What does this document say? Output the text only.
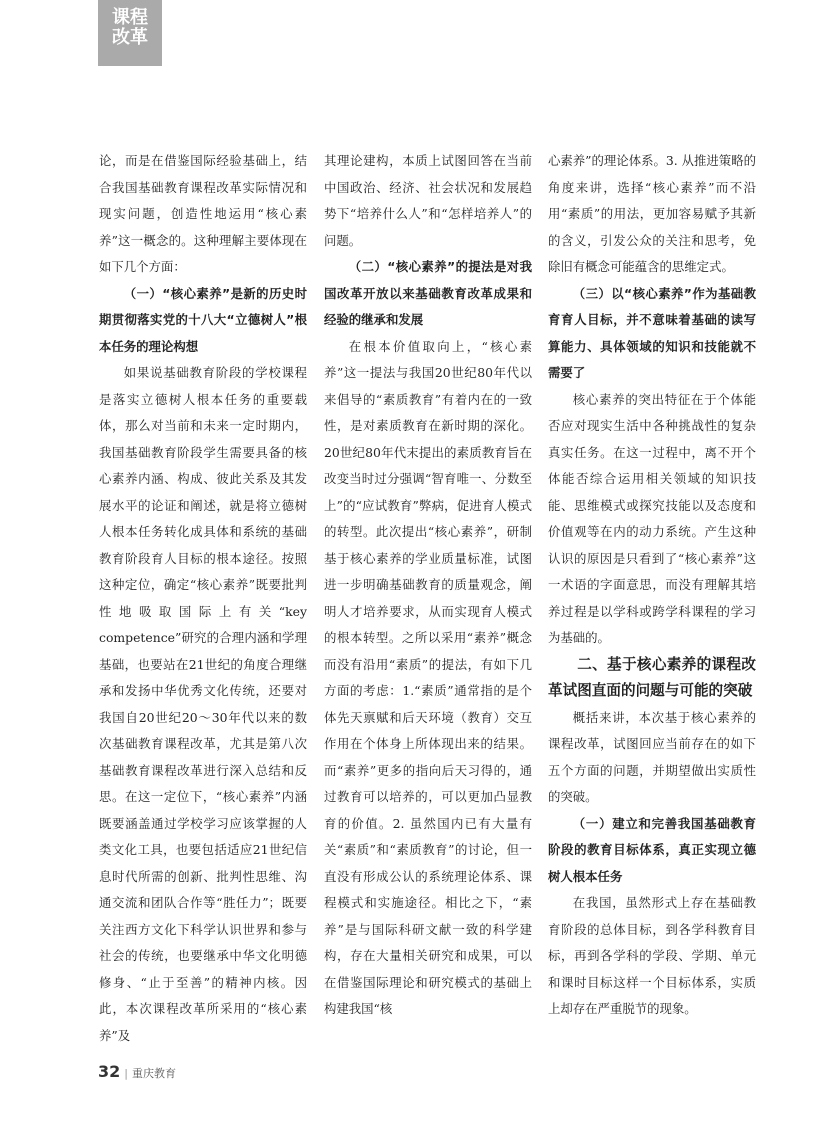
课程
改革

论，而是在借鉴国际经验基础上，结合我国基础教育课程改革实际情况和现实问题，创造性地运用“核心素养”这一概念的。这种理解主要体现在如下几个方面：

（一）“核心素养”是新的历史时期贯彻落实党的十八大“立德树人”根本任务的理论构想

如果说基础教育阶段的学校课程是落实立德树人根本任务的重要载体，那么对当前和未来一定时期内，我国基础教育阶段学生需要具备的核心素养内涵、构成、彼此关系及其发展水平的论证和阐述，就是将立德树人根本任务转化成具体和系统的基础教育阶段育人目标的根本途径。按照这种定位，确定“核心素养”既要批判性地吸取国际上有关“key competence”研究的合理内涵和学理基础，也要站在21世纪的角度合理继承和发扬中华优秀文化传统，还要对我国自20世纪20～30年代以来的数次基础教育课程改革，尤其是第八次基础教育课程改革进行深入总结和反思。在这一定位下，“核心素养”内涵既要涵盖通过学校学习应该掌握的人类文化工具，也要包括适应21世纪信息时代所需的创新、批判性思维、沟通交流和团队合作等“胜任力”；既要关注西方文化下科学认识世界和参与社会的传统，也要继承中华文化明德修身、“止于至善”的精神内核。因此，本次课程改革所采用的“核心素养”及

其理论建构，本质上试图回答在当前中国政治、经济、社会状况和发展趋势下“培养什么人”和“怎样培养人”的问题。

（二）“核心素养”的提法是对我国改革开放以来基础教育改革成果和经验的继承和发展

在根本价值取向上，“核心素养”这一提法与我国20世纪80年代以来倡导的“素质教育”有着内在的一致性，是对素质教育在新时期的深化。20世纪80年代末提出的素质教育旨在改变当时过分强调“智育唯一、分数至上”的“应试教育”弊病，促进育人模式的转型。此次提出“核心素养”，研制基于核心素养的学业质量标准，试图进一步明确基础教育的质量观念，阐明人才培养要求，从而实现育人模式的根本转型。之所以采用“素养”概念而没有沿用“素质”的提法，有如下几方面的考虑：1.“素质”通常指的是个体先天禀赋和后天环境（教育）交互作用在个体身上所体现出来的结果。而“素养”更多的指向后天习得的，通过教育可以培养的，可以更加凸显教育的价值。2. 虽然国内已有大量有关“素质”和“素质教育”的讨论，但一直没有形成公认的系统理论体系、课程模式和实施途径。相比之下，“素养”是与国际科研文献一致的科学建构，存在大量相关研究和成果，可以在借鉴国际理论和研究模式的基础上构建我国“核

心素养”的理论体系。3. 从推进策略的角度来讲，选择“核心素养”而不沿用“素质”的用法，更加容易赋予其新的含义，引发公众的关注和思考，免除旧有概念可能蕴含的思维定式。

（三）以“核心素养”作为基础教育育人目标，并不意味着基础的读写算能力、具体领域的知识和技能就不需要了

核心素养的突出特征在于个体能否应对现实生活中各种挑战性的复杂真实任务。在这一过程中，离不开个体能否综合运用相关领域的知识技能、思维模式或探究技能以及态度和价值观等在内的动力系统。产生这种认识的原因是只看到了“核心素养”这一术语的字面意思，而没有理解其培养过程是以学科或跨学科课程的学习为基础的。

二、基于核心素养的课程改革试图直面的问题与可能的突破

概括来讲，本次基于核心素养的课程改革，试图回应当前存在的如下五个方面的问题，并期望做出实质性的突破。

（一）建立和完善我国基础教育阶段的教育目标体系，真正实现立德树人根本任务

在我国，虽然形式上存在基础教育阶段的总体目标，到各学科教育目标，再到各学科的学段、学期、单元和课时目标这样一个目标体系，实质上却存在严重脱节的现象。

32 | 重庆教育
